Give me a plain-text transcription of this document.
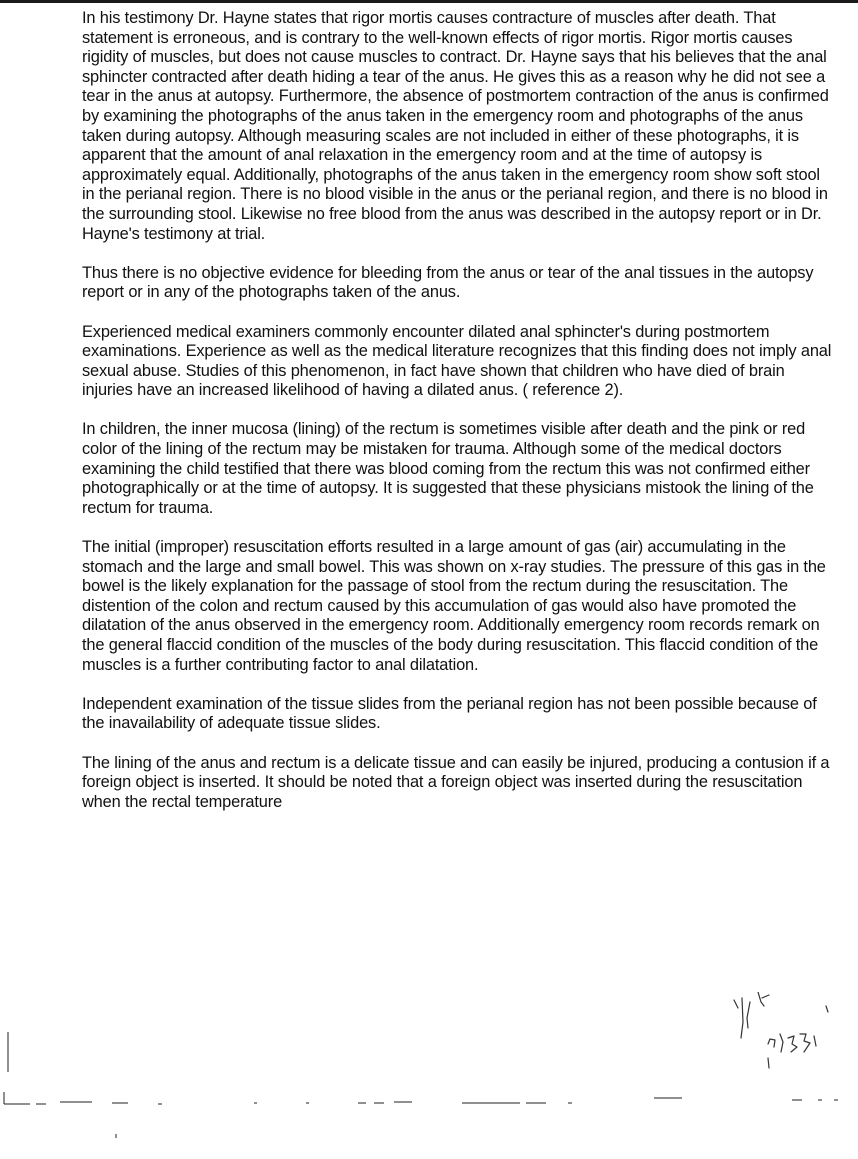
In his testimony Dr. Hayne states that rigor mortis causes contracture of muscles after death. That statement is erroneous, and is contrary to the well-known effects of rigor mortis. Rigor mortis causes rigidity of muscles, but does not cause muscles to contract. Dr. Hayne says that his believes that the anal sphincter contracted after death hiding a tear of the anus. He gives this as a reason why he did not see a tear in the anus at autopsy. Furthermore, the absence of postmortem contraction of the anus is confirmed by examining the photographs of the anus taken in the emergency room and photographs of the anus taken during autopsy. Although measuring scales are not included in either of these photographs, it is apparent that the amount of anal relaxation in the emergency room and at the time of autopsy is approximately equal. Additionally, photographs of the anus taken in the emergency room show soft stool in the perianal region. There is no blood visible in the anus or the perianal region, and there is no blood in the surrounding stool. Likewise no free blood from the anus was described in the autopsy report or in Dr. Hayne's testimony at trial.

Thus there is no objective evidence for bleeding from the anus or tear of the anal tissues in the autopsy report or in any of the photographs taken of the anus.

Experienced medical examiners commonly encounter dilated anal sphincter's during postmortem examinations. Experience as well as the medical literature recognizes that this finding does not imply anal sexual abuse. Studies of this phenomenon, in fact have shown that children who have died of brain injuries have an increased likelihood of having a dilated anus. ( reference 2).

In children, the inner mucosa (lining) of the rectum is sometimes visible after death and the pink or red color of the lining of the rectum may be mistaken for trauma. Although some of the medical doctors examining the child testified that there was blood coming from the rectum this was not confirmed either photographically or at the time of autopsy. It is suggested that these physicians mistook the lining of the rectum for trauma.

The initial (improper) resuscitation efforts resulted in a large amount of gas (air) accumulating in the stomach and the large and small bowel. This was shown on x-ray studies. The pressure of this gas in the bowel is the likely explanation for the passage of stool from the rectum during the resuscitation. The distention of the colon and rectum caused by this accumulation of gas would also have promoted the dilatation of the anus observed in the emergency room. Additionally emergency room records remark on the general flaccid condition of the muscles of the body during resuscitation. This flaccid condition of the muscles is a further contributing factor to anal dilatation.

Independent examination of the tissue slides from the perianal region has not been possible because of the inavailability of adequate tissue slides.

The lining of the anus and rectum is a delicate tissue and can easily be injured, producing a contusion if a foreign object is inserted. It should be noted that a foreign object was inserted during the resuscitation when the rectal temperature
